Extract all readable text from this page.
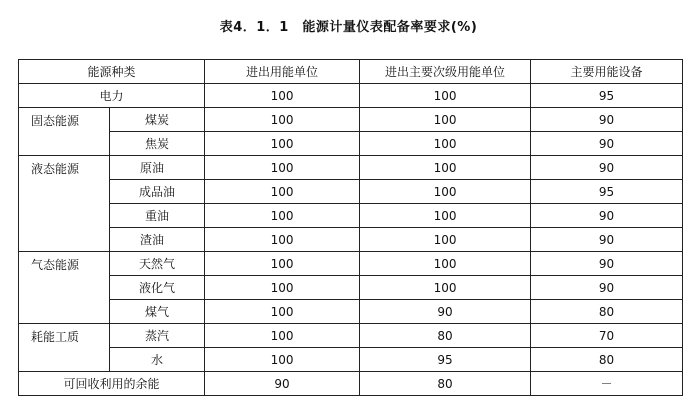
表4．1．1　能源计量仪表配备率要求(%)
能源种类		进出用能单位	进出主要次级用能单位	主要用能设备
电力		100	100	95
固态能源	煤炭	100	100	90
	焦炭	100	100	90
液态能源	原油	100	100	90
	成品油	100	100	95
	重油	100	100	90
	渣油	100	100	90
气态能源	天然气	100	100	90
	液化气	100	100	90
	煤气	100	90	80
耗能工质	蒸汽	100	80	70
	水	100	95	80
可回收利用的余能		90	80	－
